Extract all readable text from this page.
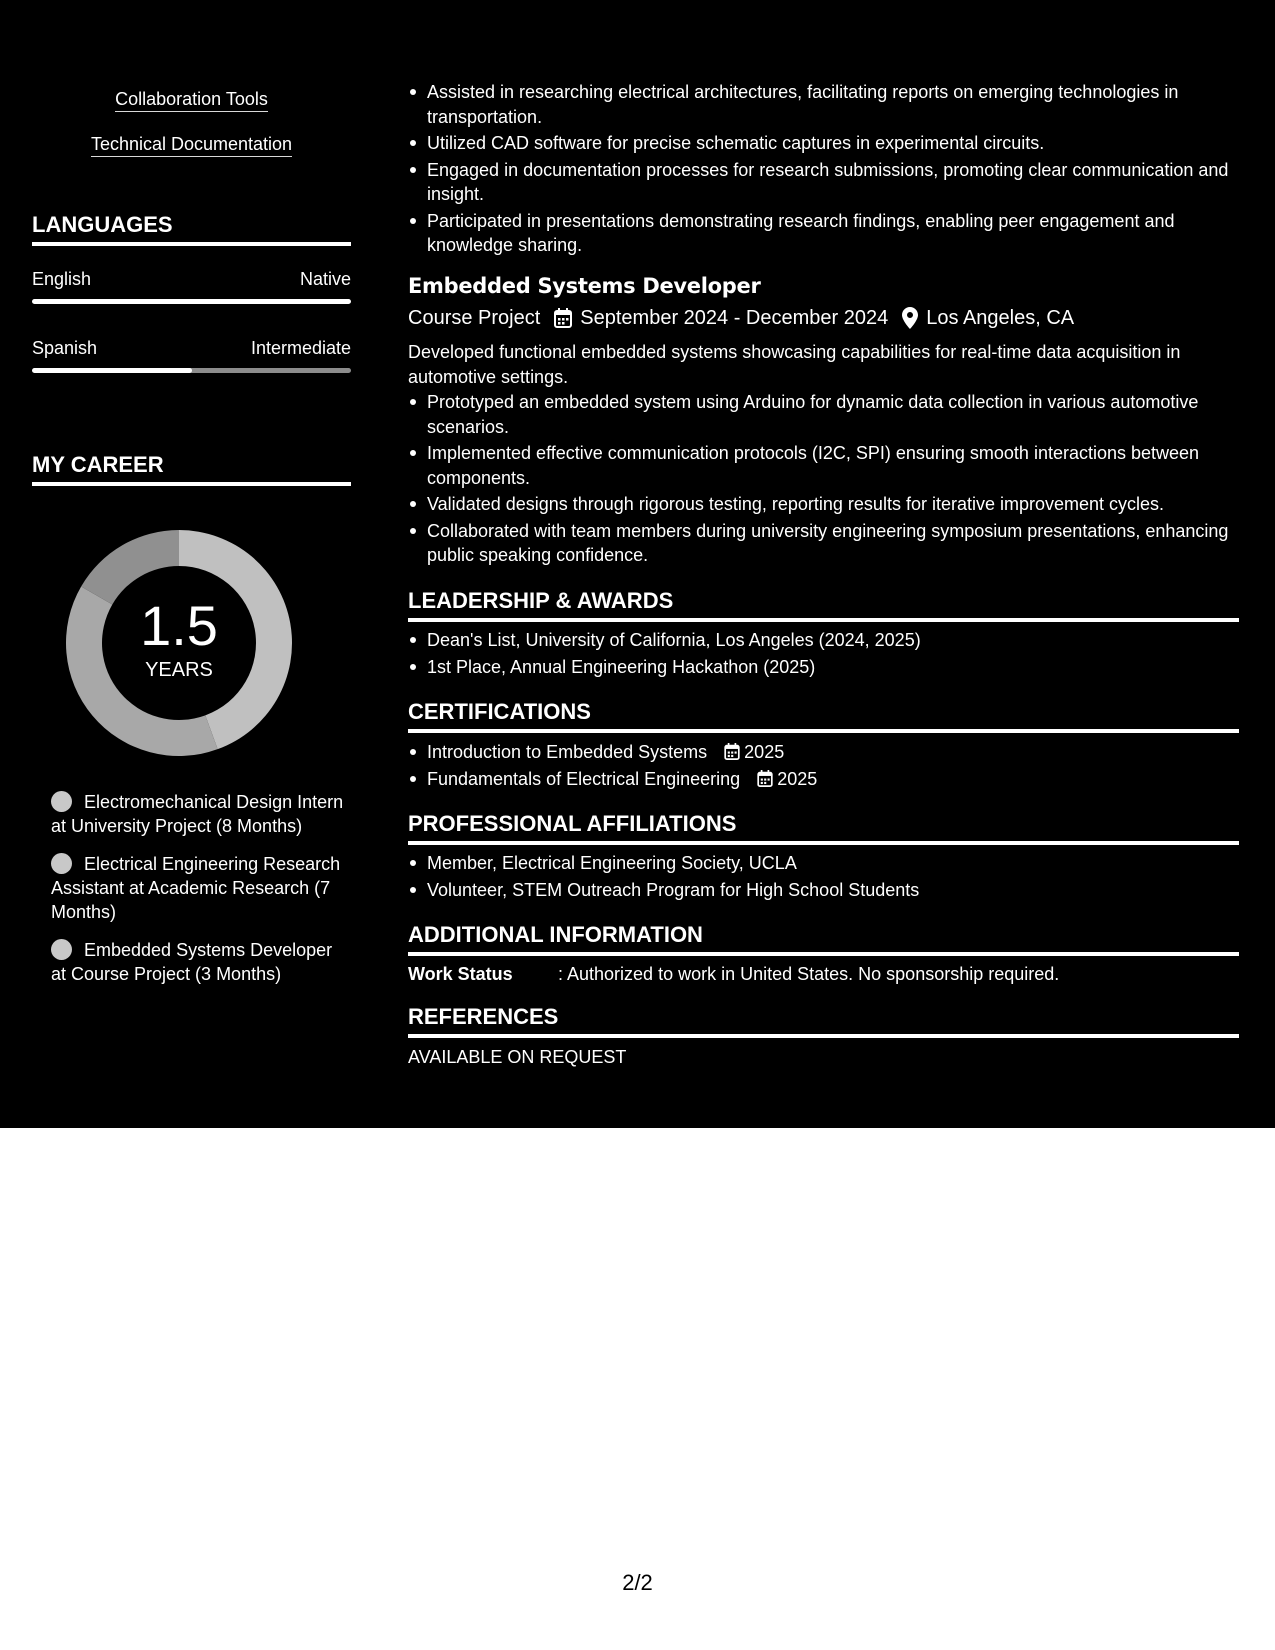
Collaboration Tools
Technical Documentation
LANGUAGES
English	Native
Spanish	Intermediate
MY CAREER
1.5
YEARS
Electromechanical Design Intern at University Project (8 Months)
Electrical Engineering Research Assistant at Academic Research (7 Months)
Embedded Systems Developer at Course Project (3 Months)
Assisted in researching electrical architectures, facilitating reports on emerging technologies in transportation.
Utilized CAD software for precise schematic captures in experimental circuits.
Engaged in documentation processes for research submissions, promoting clear communication and insight.
Participated in presentations demonstrating research findings, enabling peer engagement and knowledge sharing.
Embedded Systems Developer
Course Project September 2024 - December 2024 Los Angeles, CA
Developed functional embedded systems showcasing capabilities for real-time data acquisition in automotive settings.
Prototyped an embedded system using Arduino for dynamic data collection in various automotive scenarios.
Implemented effective communication protocols (I2C, SPI) ensuring smooth interactions between components.
Validated designs through rigorous testing, reporting results for iterative improvement cycles.
Collaborated with team members during university engineering symposium presentations, enhancing public speaking confidence.
LEADERSHIP & AWARDS
Dean's List, University of California, Los Angeles (2024, 2025)
1st Place, Annual Engineering Hackathon (2025)
CERTIFICATIONS
Introduction to Embedded Systems 2025
Fundamentals of Electrical Engineering 2025
PROFESSIONAL AFFILIATIONS
Member, Electrical Engineering Society, UCLA
Volunteer, STEM Outreach Program for High School Students
ADDITIONAL INFORMATION
Work Status	: Authorized to work in United States. No sponsorship required.
REFERENCES
AVAILABLE ON REQUEST
2/2
